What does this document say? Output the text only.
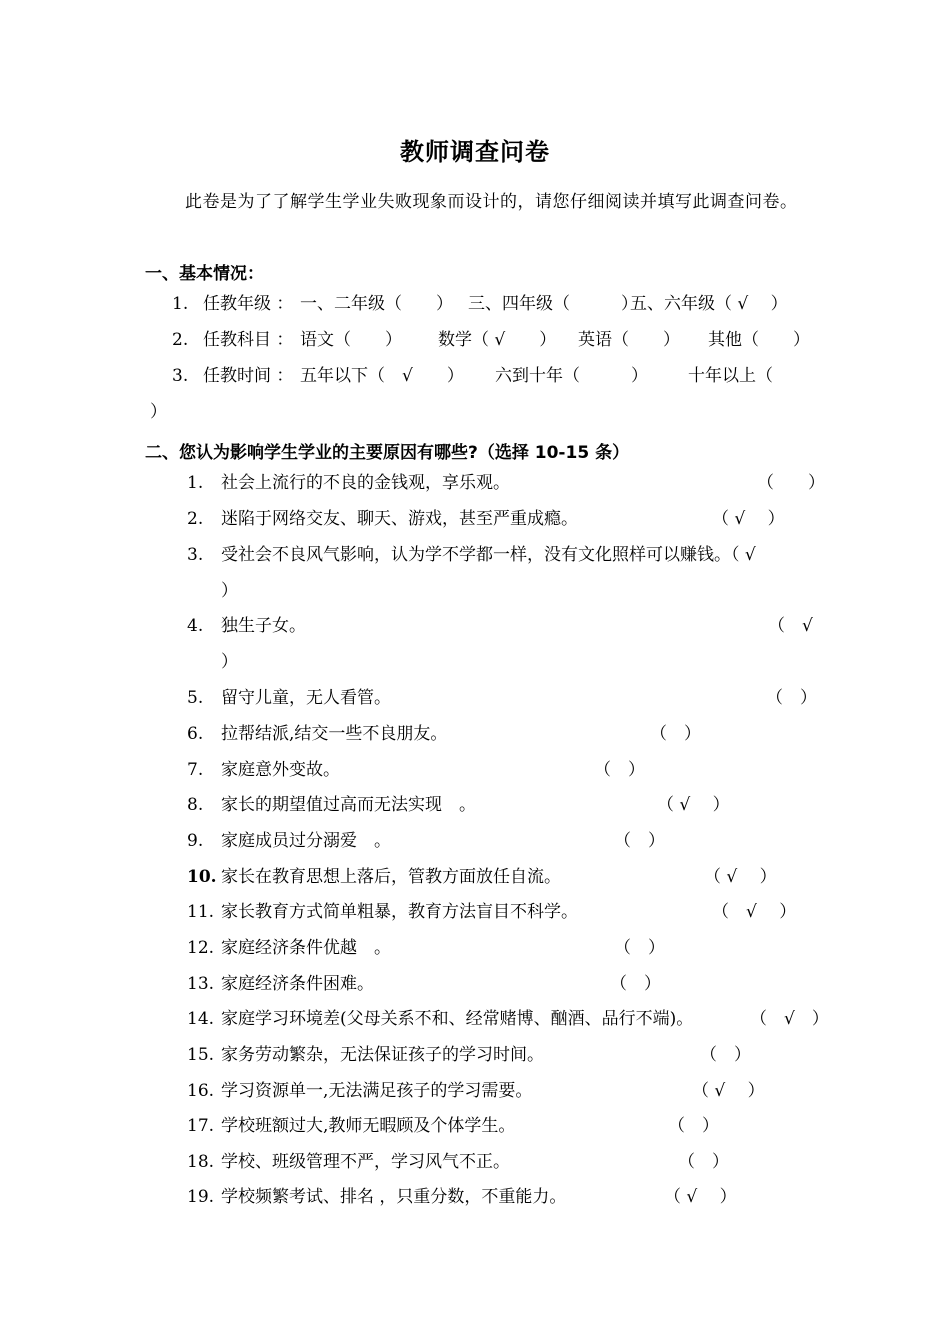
教师调查问卷
此卷是为了了解学生学业失败现象而设计的，请您仔细阅读并填写此调查问卷。
一、基本情况：
1. 任教年级 ： 一、二年级（　　） 三、四年级（　　　）
五、六年级（ √　 ）
2. 任教科目 ： 语文（　　） 数学（ √　　） 英语（　　） 其他（　　）
3. 任教时间 ： 五年以下（　√　　） 六到十年（　　　） 十年以上（
）
二、您认为影响学生学业的主要原因有哪些?（选择 10-15 条）
1. 社会上流行的不良的金钱观，享乐观。	（　　）
2. 迷陷于网络交友、聊天、游戏，甚至严重成瘾。	（ √　 ）
3. 受社会不良风气影响，认为学不学都一样，没有文化照样可以赚钱。（ √
）
4. 独生子女。	（　√
）
5. 留守儿童，无人看管。	（　）
6. 拉帮结派,结交一些不良朋友。	（　）
7. 家庭意外变故。	（　）
8. 家长的期望值过高而无法实现　。	（ √　 ）
9. 家庭成员过分溺爱　。	（　）
10. 家长在教育思想上落后，管教方面放任自流。	（ √　 ）
11. 家长教育方式简单粗暴，教育方法盲目不科学。	（　√　 ）
12. 家庭经济条件优越　。	（　）
13. 家庭经济条件困难。	（　）
14. 家庭学习环境差(父母关系不和、经常赌博、酗酒、品行不端)。	（　√　）
15. 家务劳动繁杂，无法保证孩子的学习时间。	（　）
16. 学习资源单一,无法满足孩子的学习需要。	（ √　 ）
17. 学校班额过大,教师无暇顾及个体学生。	（　）
18. 学校、班级管理不严，学习风气不正。	（　）
19. 学校频繁考试、排名 ，只重分数，不重能力。	（ √　 ）
